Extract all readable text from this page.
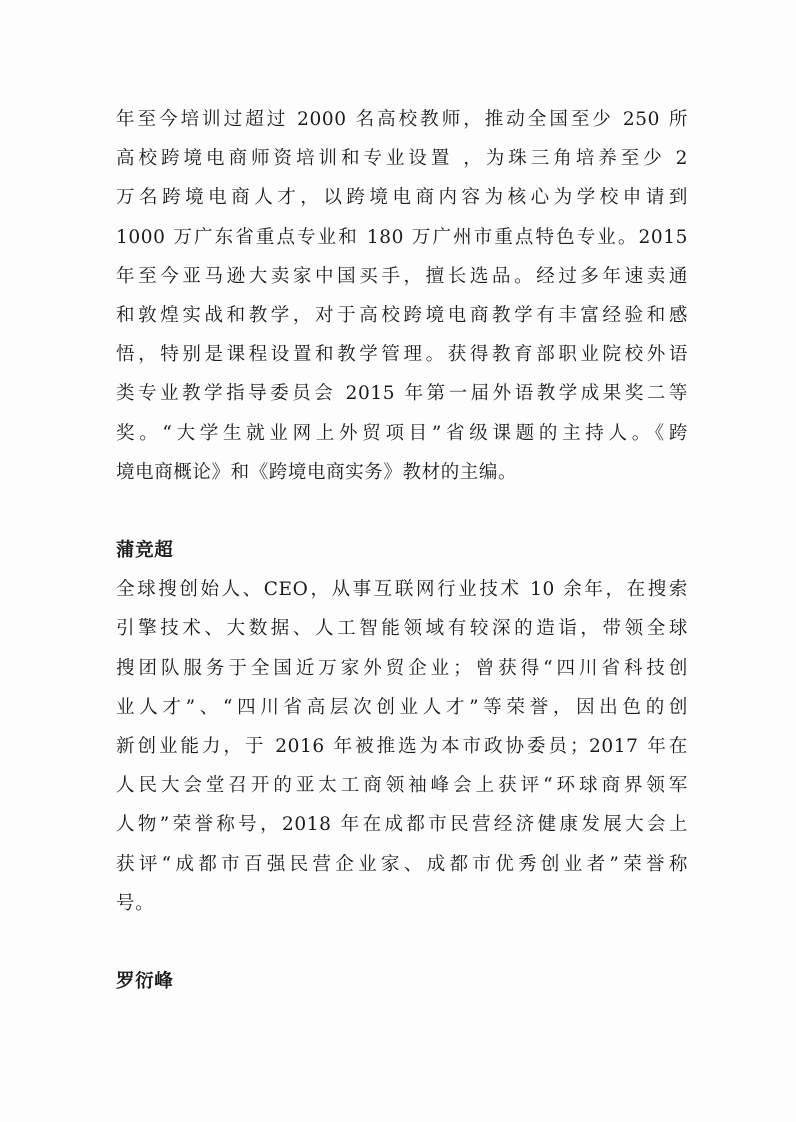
年至今培训过超过 2000 名高校教师，推动全国至少 250 所
高校跨境电商师资培训和专业设置 ，为珠三角培养至少 2
万名跨境电商人才，以跨境电商内容为核心为学校申请到
1000 万广东省重点专业和 180 万广州市重点特色专业。2015
年至今亚马逊大卖家中国买手，擅长选品。经过多年速卖通
和敦煌实战和教学，对于高校跨境电商教学有丰富经验和感
悟，特别是课程设置和教学管理。获得教育部职业院校外语
类专业教学指导委员会 2015 年第一届外语教学成果奖二等
奖。“大学生就业网上外贸项目”省级课题的主持人。《跨
境电商概论》和《跨境电商实务》教材的主编。
蒲竞超
全球搜创始人、CEO，从事互联网行业技术 10 余年，在搜索
引擎技术、大数据、人工智能领域有较深的造诣，带领全球
搜团队服务于全国近万家外贸企业；曾获得“四川省科技创
业人才”、“四川省高层次创业人才”等荣誉，因出色的创
新创业能力，于 2016 年被推选为本市政协委员；2017 年在
人民大会堂召开的亚太工商领袖峰会上获评“环球商界领军
人物”荣誉称号，2018 年在成都市民营经济健康发展大会上
获评“成都市百强民营企业家、成都市优秀创业者”荣誉称
号。
罗衍峰
